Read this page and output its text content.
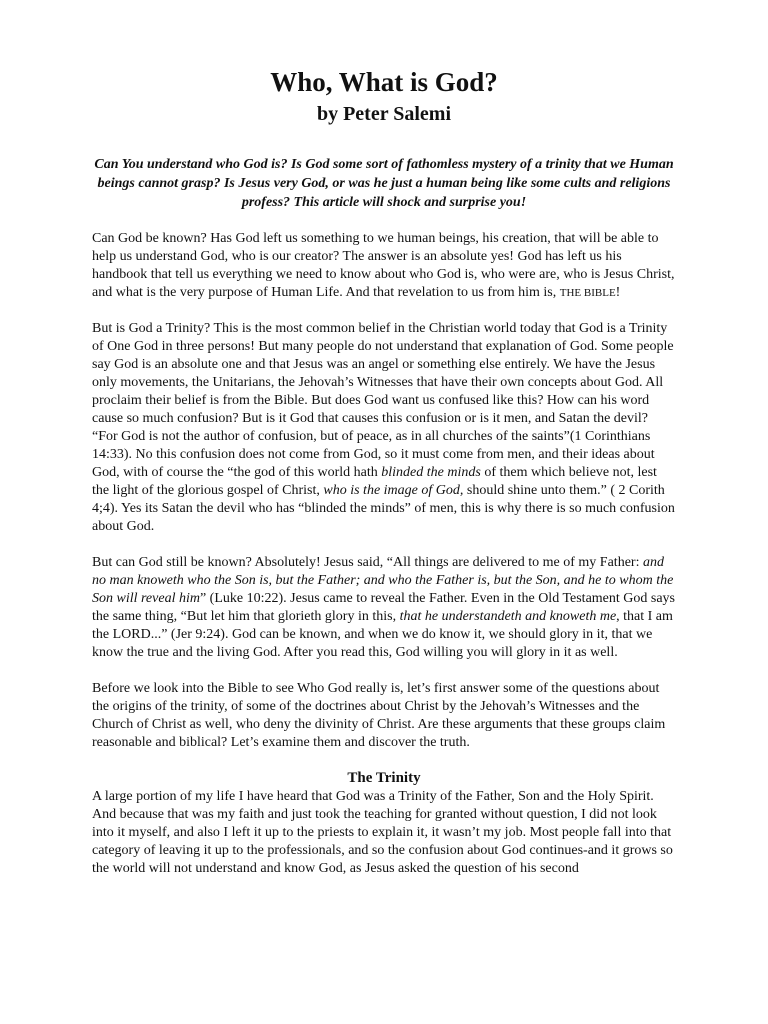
Who, What is God?
by Peter Salemi

Can You understand who God is? Is God some sort of fathomless mystery of a trinity that we Human beings cannot grasp? Is Jesus very God, or was he just a human being like some cults and religions profess? This article will shock and surprise you!

Can God be known? Has God left us something to we human beings, his creation, that will be able to help us understand God, who is our creator? The answer is an absolute yes! God has left us his handbook that tell us everything we need to know about who God is, who were are, who is Jesus Christ, and what is the very purpose of Human Life. And that revelation to us from him is, THE BIBLE!

But is God a Trinity? This is the most common belief in the Christian world today that God is a Trinity of One God in three persons! But many people do not understand that explanation of God. Some people say God is an absolute one and that Jesus was an angel or something else entirely. We have the Jesus only movements, the Unitarians, the Jehovah’s Witnesses that have their own concepts about God. All proclaim their belief is from the Bible. But does God want us confused like this? How can his word cause so much confusion? But is it God that causes this confusion or is it men, and Satan the devil? “For God is not the author of confusion, but of peace, as in all churches of the saints”(1 Corinthians 14:33). No this confusion does not come from God, so it must come from men, and their ideas about God, with of course the “the god of this world hath blinded the minds of them which believe not, lest the light of the glorious gospel of Christ, who is the image of God, should shine unto them.” ( 2 Corith 4;4). Yes its Satan the devil who has “blinded the minds” of men, this is why there is so much confusion about God.

But can God still be known? Absolutely! Jesus said, “All things are delivered to me of my Father: and no man knoweth who the Son is, but the Father; and who the Father is, but the Son, and he to whom the Son will reveal him” (Luke 10:22). Jesus came to reveal the Father. Even in the Old Testament God says the same thing, “But let him that glorieth glory in this, that he understandeth and knoweth me, that I am the LORD...” (Jer 9:24). God can be known, and when we do know it, we should glory in it, that we know the true and the living God. After you read this, God willing you will glory in it as well.

Before we look into the Bible to see Who God really is, let’s first answer some of the questions about the origins of the trinity, of some of the doctrines about Christ by the Jehovah’s Witnesses and the Church of Christ as well, who deny the divinity of Christ. Are these arguments that these groups claim reasonable and biblical? Let’s examine them and discover the truth.

The Trinity

A large portion of my life I have heard that God was a Trinity of the Father, Son and the Holy Spirit. And because that was my faith and just took the teaching for granted without question, I did not look into it myself, and also I left it up to the priests to explain it, it wasn’t my job. Most people fall into that category of leaving it up to the professionals, and so the confusion about God continues-and it grows so the world will not understand and know God, as Jesus asked the question of his second
